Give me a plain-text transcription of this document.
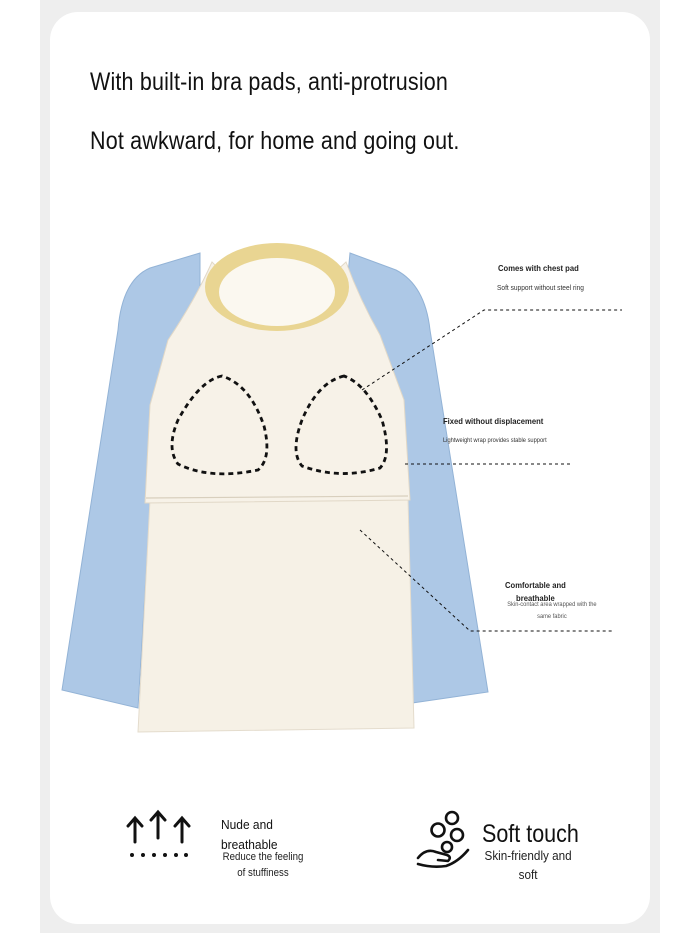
With built-in bra pads, anti-protrusion
Not awkward, for home and going out.
Comes with chest pad
Soft support without steel ring
Fixed without displacement
Lightweight wrap provides stable support
Comfortable and breathable
Skin-contact area wrapped with the same fabric
Nude and breathable
Reduce the feeling of stuffiness
Soft touch
Skin-friendly and soft
